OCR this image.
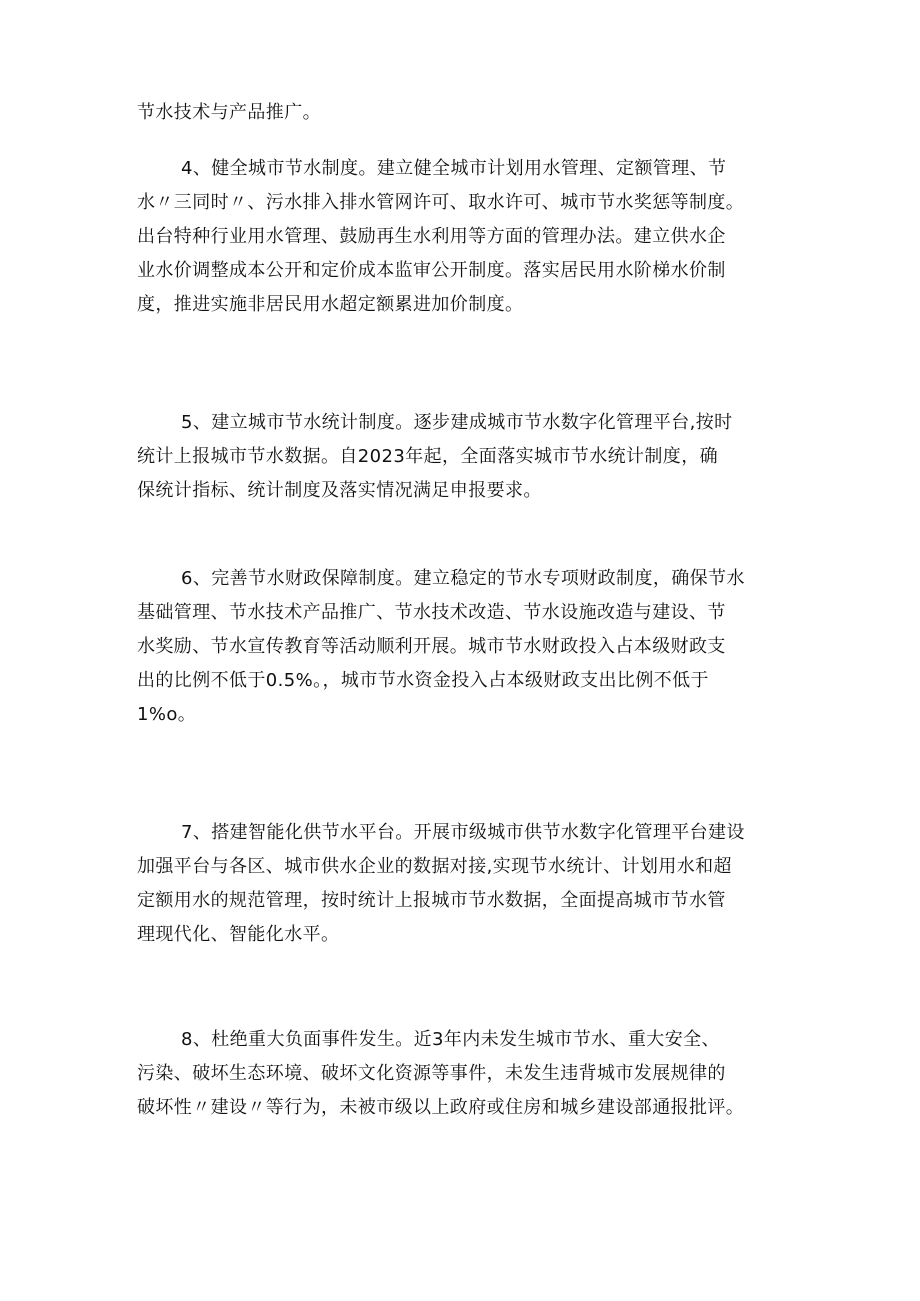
节水技术与产品推广。
4、健全城市节水制度。建立健全城市计划用水管理、定额管理、节
水〃三同时〃、污水排入排水管网许可、取水许可、城市节水奖惩等制度。
出台特种行业用水管理、鼓励再生水利用等方面的管理办法。建立供水企
业水价调整成本公开和定价成本监审公开制度。落实居民用水阶梯水价制
度，推进实施非居民用水超定额累进加价制度。
5、建立城市节水统计制度。逐步建成城市节水数字化管理平台,按时
统计上报城市节水数据。自2023年起，全面落实城市节水统计制度，确
保统计指标、统计制度及落实情况满足申报要求。
6、完善节水财政保障制度。建立稳定的节水专项财政制度，确保节水
基础管理、节水技术产品推广、节水技术改造、节水设施改造与建设、节
水奖励、节水宣传教育等活动顺利开展。城市节水财政投入占本级财政支
出的比例不低于0.5%。，城市节水资金投入占本级财政支出比例不低于
1%o。
7、搭建智能化供节水平台。开展市级城市供节水数字化管理平台建设
加强平台与各区、城市供水企业的数据对接,实现节水统计、计划用水和超
定额用水的规范管理，按时统计上报城市节水数据，全面提高城市节水管
理现代化、智能化水平。
8、杜绝重大负面事件发生。近3年内未发生城市节水、重大安全、
污染、破坏生态环境、破坏文化资源等事件，未发生违背城市发展规律的
破坏性〃建设〃等行为，未被市级以上政府或住房和城乡建设部通报批评。
